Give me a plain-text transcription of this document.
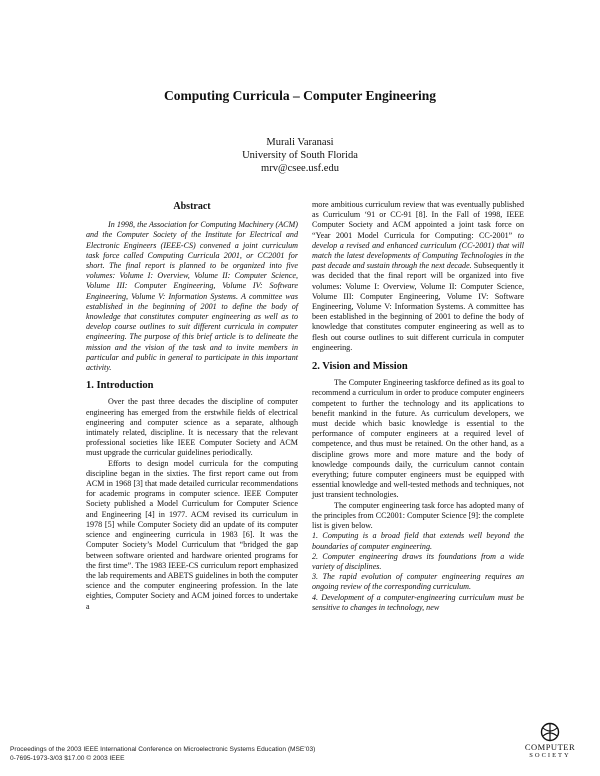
Computing Curricula – Computer Engineering
Murali Varanasi
University of South Florida
mrv@csee.usf.edu
Abstract

In 1998, the Association for Computing Machinery (ACM) and the Computer Society of the Institute for Electrical and Electronic Engineers (IEEE-CS) convened a joint curriculum task force called Computing Curricula 2001, or CC2001 for short. The final report is planned to be organized into five volumes: Volume I: Overview, Volume II: Computer Science, Volume III: Computer Engineering, Volume IV: Software Engineering, Volume V: Information Systems. A committee was established in the beginning of 2001 to define the body of knowledge that constitutes computer engineering as well as to develop course outlines to suit different curricula in computer engineering. The purpose of this brief article is to delineate the mission and the vision of the task and to invite members in particular and public in general to participate in this important activity.

1. Introduction

Over the past three decades the discipline of computer engineering has emerged from the erstwhile fields of electrical engineering and computer science as a separate, although intimately related, discipline. It is necessary that the relevant professional societies like IEEE Computer Society and ACM must upgrade the curricular guidelines periodically.

Efforts to design model curricula for the computing discipline began in the sixties. The first report came out from ACM in 1968 [3] that made detailed curricular recommendations for academic programs in computer science. IEEE Computer Society published a Model Curriculum for Computer Science and Engineering [4] in 1977. ACM revised its curriculum in 1978 [5] while Computer Society did an update of its computer science and engineering curricula in 1983 [6]. It was the Computer Society’s Model Curriculum that “bridged the gap between software oriented and hardware oriented programs for the first time”. The 1983 IEEE-CS curriculum report emphasized the lab requirements and ABETS guidelines in both the computer science and the computer engineering profession. In the late eighties, Computer Society and ACM joined forces to undertake a

more ambitious curriculum review that was eventually published as Curriculum ‘91 or CC-91 [8]. In the Fall of 1998, IEEE Computer Society and ACM appointed a joint task force on “Year 2001 Model Curricula for Computing: CC-2001” to develop a revised and enhanced curriculum (CC-2001) that will match the latest developments of Computing Technologies in the past decade and sustain through the next decade. Subsequently it was decided that the final report will be organized into five volumes: Volume I: Overview, Volume II: Computer Science, Volume III: Computer Engineering, Volume IV: Software Engineering, Volume V: Information Systems. A committee has been established in the beginning of 2001 to define the body of knowledge that constitutes computer engineering as well as to flesh out course outlines to suit different curricula in computer engineering.

2. Vision and Mission

The Computer Engineering taskforce defined as its goal to recommend a curriculum in order to produce computer engineers competent to further the technology and its applications to benefit mankind in the future. As curriculum developers, we must decide which basic knowledge is essential to the performance of computer engineers at a required level of competence, and thus must be retained. On the other hand, as a discipline grows more and more mature and the body of knowledge compounds daily, the curriculum cannot contain everything; future computer engineers must be equipped with essential knowledge and well-tested methods and techniques, not just transient technologies.

The computer engineering task force has adopted many of the principles from CC2001: Computer Science [9]: the complete list is given below.

1. Computing is a broad field that extends well beyond the boundaries of computer engineering.
2. Computer engineering draws its foundations from a wide variety of disciplines.
3. The rapid evolution of computer engineering requires an ongoing review of the corresponding curriculum.
4. Development of a computer-engineering curriculum must be sensitive to changes in technology, new
Proceedings of the 2003 IEEE International Conference on Microelectronic Systems Education (MSE’03)
0-7695-1973-3/03 $17.00 © 2003 IEEE
COMPUTER
SOCIETY
